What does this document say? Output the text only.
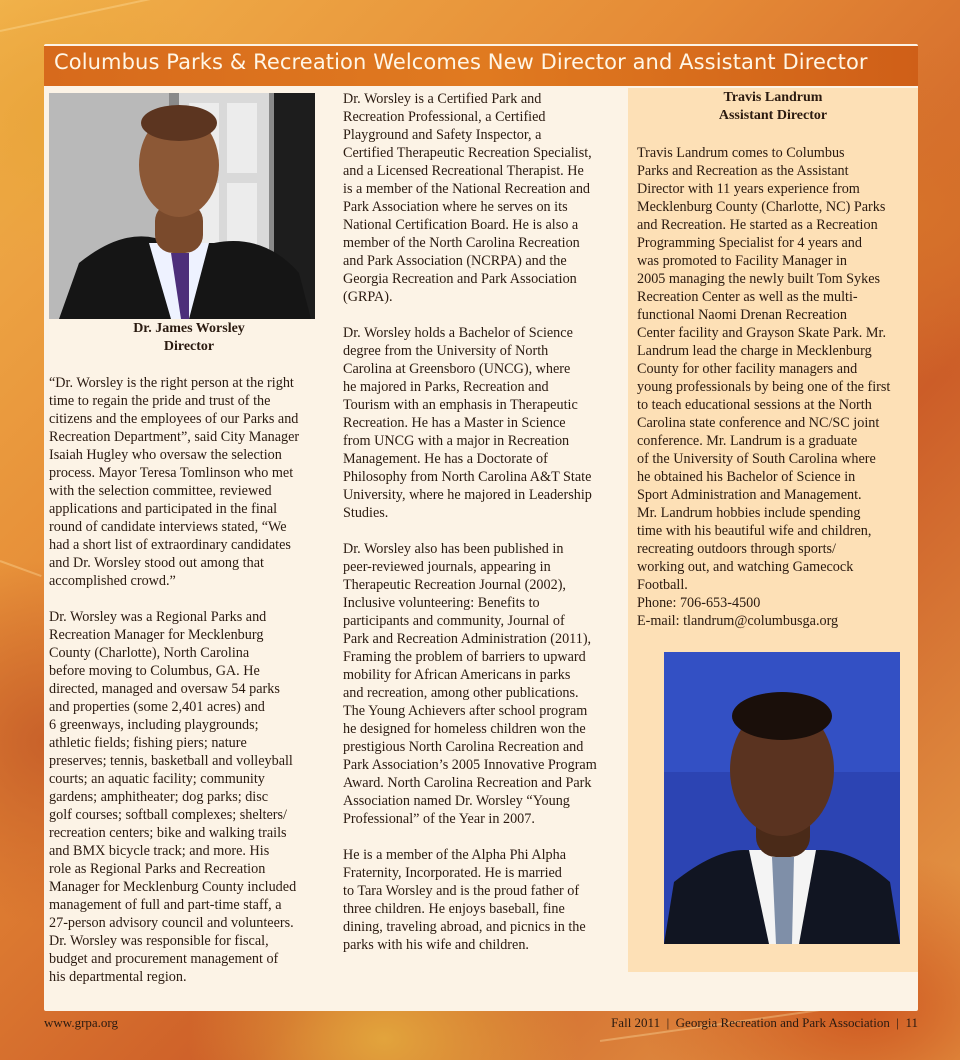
Columbus Parks & Recreation Welcomes New Director and Assistant Director
Dr. James Worsley
Director
“Dr. Worsley is the right person at the right
time to regain the pride and trust of the
citizens and the employees of our Parks and
Recreation Department”, said City Manager
Isaiah Hugley who oversaw the selection
process. Mayor Teresa Tomlinson who met
with the selection committee, reviewed
applications and participated in the final
round of candidate interviews stated, “We
had a short list of extraordinary candidates
and Dr. Worsley stood out among that
accomplished crowd.”

Dr. Worsley was a Regional Parks and
Recreation Manager for Mecklenburg
County (Charlotte), North Carolina
before moving to Columbus, GA. He
directed, managed and oversaw 54 parks
and properties (some 2,401 acres) and
6 greenways, including playgrounds;
athletic fields; fishing piers; nature
preserves; tennis, basketball and volleyball
courts; an aquatic facility; community
gardens; amphitheater; dog parks; disc
golf courses; softball complexes; shelters/
recreation centers; bike and walking trails
and BMX bicycle track; and more. His
role as Regional Parks and Recreation
Manager for Mecklenburg County included
management of full and part-time staff, a
27-person advisory council and volunteers.
Dr. Worsley was responsible for fiscal,
budget and procurement management of
his departmental region.
Dr. Worsley is a Certified Park and
Recreation Professional, a Certified
Playground and Safety Inspector, a
Certified Therapeutic Recreation Specialist,
and a Licensed Recreational Therapist. He
is a member of the National Recreation and
Park Association where he serves on its
National Certification Board. He is also a
member of the North Carolina Recreation
and Park Association (NCRPA) and the
Georgia Recreation and Park Association
(GRPA).

Dr. Worsley holds a Bachelor of Science
degree from the University of North
Carolina at Greensboro (UNCG), where
he majored in Parks, Recreation and
Tourism with an emphasis in Therapeutic
Recreation. He has a Master in Science
from UNCG with a major in Recreation
Management. He has a Doctorate of
Philosophy from North Carolina A&T State
University, where he majored in Leadership
Studies.

Dr. Worsley also has been published in
peer-reviewed journals, appearing in
Therapeutic Recreation Journal (2002),
Inclusive volunteering: Benefits to
participants and community, Journal of
Park and Recreation Administration (2011),
Framing the problem of barriers to upward
mobility for African Americans in parks
and recreation, among other publications.
The Young Achievers after school program
he designed for homeless children won the
prestigious North Carolina Recreation and
Park Association’s 2005 Innovative Program
Award. North Carolina Recreation and Park
Association named Dr. Worsley “Young
Professional” of the Year in 2007.

He is a member of the Alpha Phi Alpha
Fraternity, Incorporated. He is married
to Tara Worsley and is the proud father of
three children. He enjoys baseball, fine
dining, traveling abroad, and picnics in the
parks with his wife and children.
Travis Landrum
Assistant Director
Travis Landrum comes to Columbus
Parks and Recreation as the Assistant
Director with 11 years experience from
Mecklenburg County (Charlotte, NC) Parks
and Recreation. He started as a Recreation
Programming Specialist for 4 years and
was promoted to Facility Manager in
2005 managing the newly built Tom Sykes
Recreation Center as well as the multi-
functional Naomi Drenan Recreation
Center facility and Grayson Skate Park. Mr.
Landrum lead the charge in Mecklenburg
County for other facility managers and
young professionals by being one of the first
to teach educational sessions at the North
Carolina state conference and NC/SC joint
conference. Mr. Landrum is a graduate
of the University of South Carolina where
he obtained his Bachelor of Science in
Sport Administration and Management.
Mr. Landrum hobbies include spending
time with his beautiful wife and children,
recreating outdoors through sports/
working out, and watching Gamecock
Football.
Phone: 706-653-4500
E-mail: tlandrum@columbusga.org
www.grpa.org	Fall 2011  |  Georgia Recreation and Park Association  |  11
